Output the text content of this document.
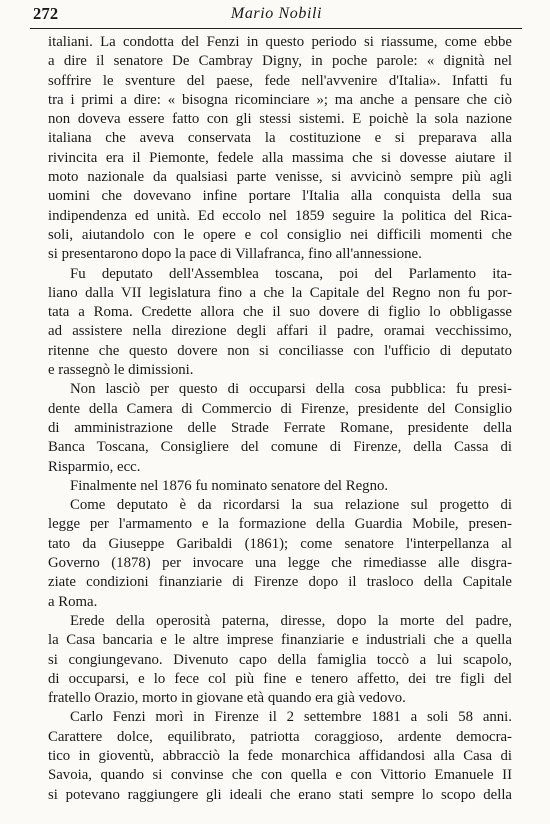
272	Mario Nobili
italiani. La condotta del Fenzi in questo periodo si riassume, come ebbe
a dire il senatore De Cambray Digny, in poche parole: « dignità nel
soffrire le sventure del paese, fede nell'avvenire d'Italia». Infatti fu
tra i primi a dire: « bisogna ricominciare »; ma anche a pensare che ciò
non doveva essere fatto con gli stessi sistemi. E poichè la sola nazione
italiana che aveva conservata la costituzione e si preparava alla
rivincita era il Piemonte, fedele alla massima che si dovesse aiutare il
moto nazionale da qualsiasi parte venisse, si avvicinò sempre più agli
uomini che dovevano infine portare l'Italia alla conquista della sua
indipendenza ed unità. Ed eccolo nel 1859 seguire la politica del Rica-
soli, aiutandolo con le opere e col consiglio nei difficili momenti che
si presentarono dopo la pace di Villafranca, fino all'annessione.
Fu deputato dell'Assemblea toscana, poi del Parlamento ita-
liano dalla VII legislatura fino a che la Capitale del Regno non fu por-
tata a Roma. Credette allora che il suo dovere di figlio lo obbligasse
ad assistere nella direzione degli affari il padre, oramai vecchissimo,
ritenne che questo dovere non si conciliasse con l'ufficio di deputato
e rassegnò le dimissioni.
Non lasciò per questo di occuparsi della cosa pubblica: fu presi-
dente della Camera di Commercio di Firenze, presidente del Consiglio
di amministrazione delle Strade Ferrate Romane, presidente della
Banca Toscana, Consigliere del comune di Firenze, della Cassa di
Risparmio, ecc.
Finalmente nel 1876 fu nominato senatore del Regno.
Come deputato è da ricordarsi la sua relazione sul progetto di
legge per l'armamento e la formazione della Guardia Mobile, presen-
tato da Giuseppe Garibaldi (1861); come senatore l'interpellanza al
Governo (1878) per invocare una legge che rimediasse alle disgra-
ziate condizioni finanziarie di Firenze dopo il trasloco della Capitale
a Roma.
Erede della operosità paterna, diresse, dopo la morte del padre,
la Casa bancaria e le altre imprese finanziarie e industriali che a quella
si congiungevano. Divenuto capo della famiglia toccò a lui scapolo,
di occuparsi, e lo fece col più fine e tenero affetto, dei tre figli del
fratello Orazio, morto in giovane età quando era già vedovo.
Carlo Fenzi morì in Firenze il 2 settembre 1881 a soli 58 anni.
Carattere dolce, equilibrato, patriotta coraggioso, ardente democra-
tico in gioventù, abbracciò la fede monarchica affidandosi alla Casa di
Savoia, quando si convinse che con quella e con Vittorio Emanuele II
si potevano raggiungere gli ideali che erano stati sempre lo scopo della
